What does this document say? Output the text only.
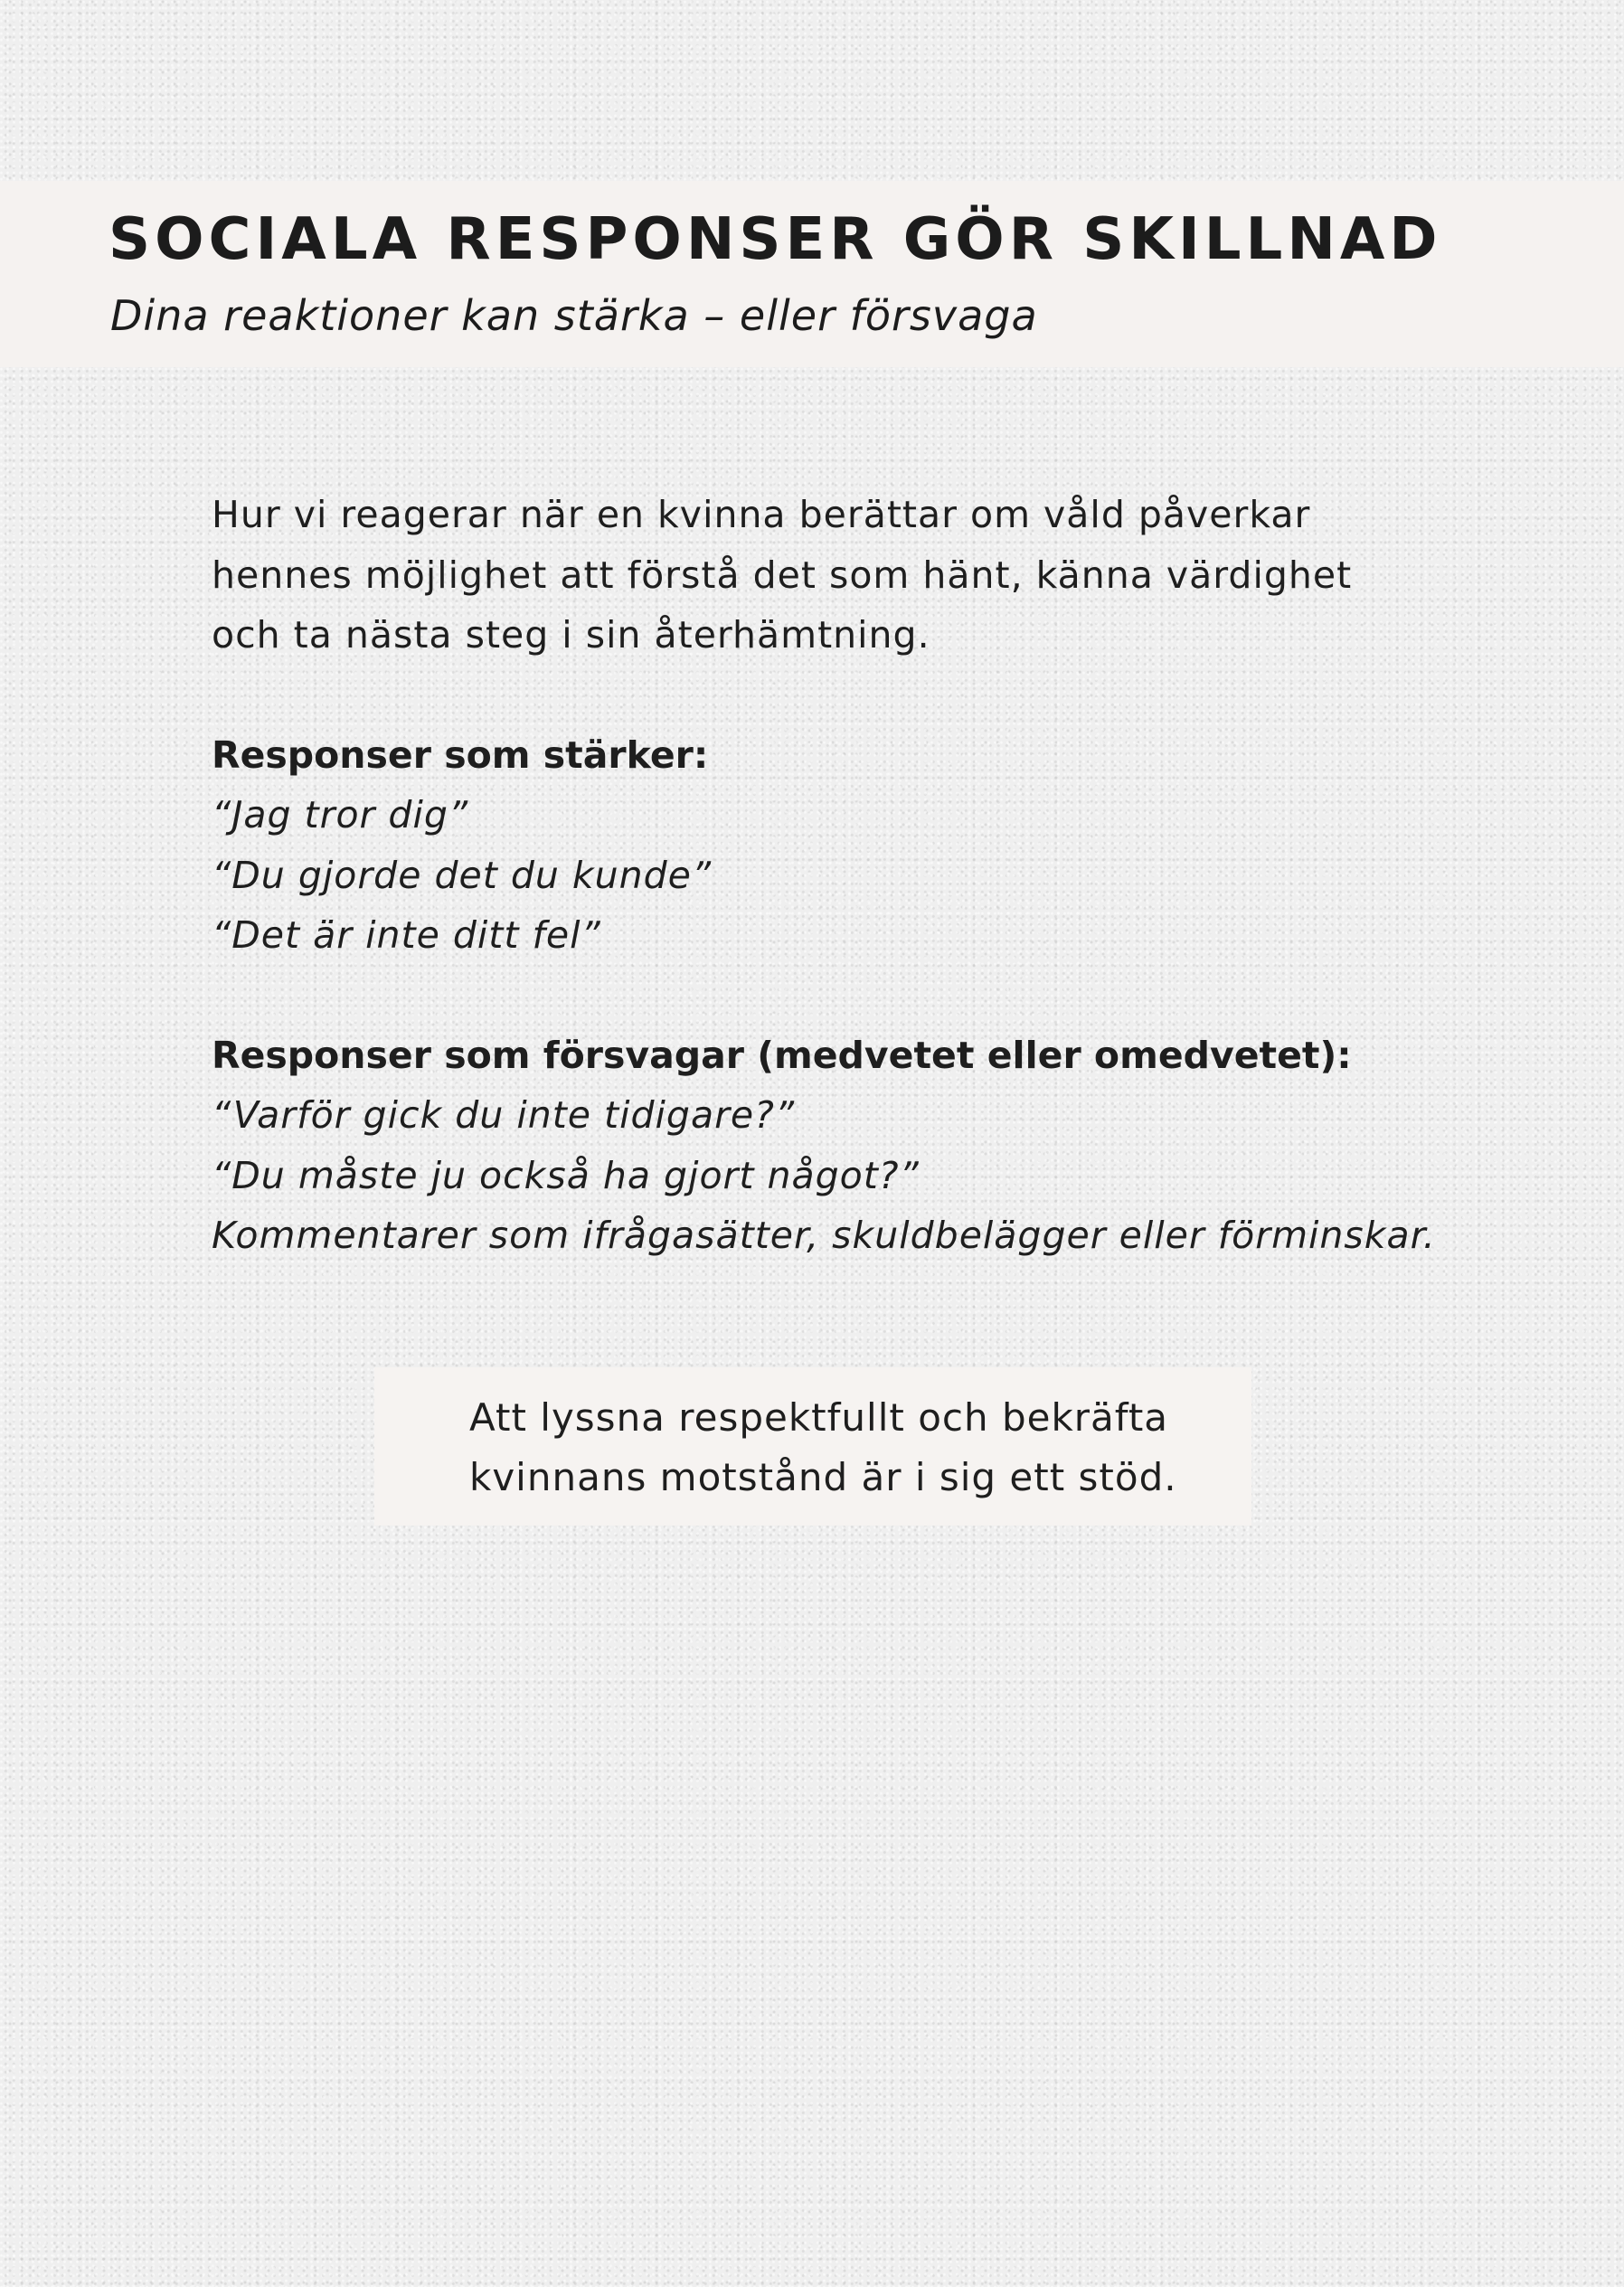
SOCIALA RESPONSER GÖR SKILLNAD

Dina reaktioner kan stärka – eller försvaga

Hur vi reagerar när en kvinna berättar om våld påverkar
hennes möjlighet att förstå det som hänt, känna värdighet
och ta nästa steg i sin återhämtning.

Responser som stärker:
“Jag tror dig”
“Du gjorde det du kunde”
“Det är inte ditt fel”
Responser som försvagar (medvetet eller omedvetet):
“Varför gick du inte tidigare?”
“Du måste ju också ha gjort något?”
Kommentarer som ifrågasätter, skuldbelägger eller förminskar.
Att lyssna respektfullt och bekräfta
kvinnans motstånd är i sig ett stöd.
